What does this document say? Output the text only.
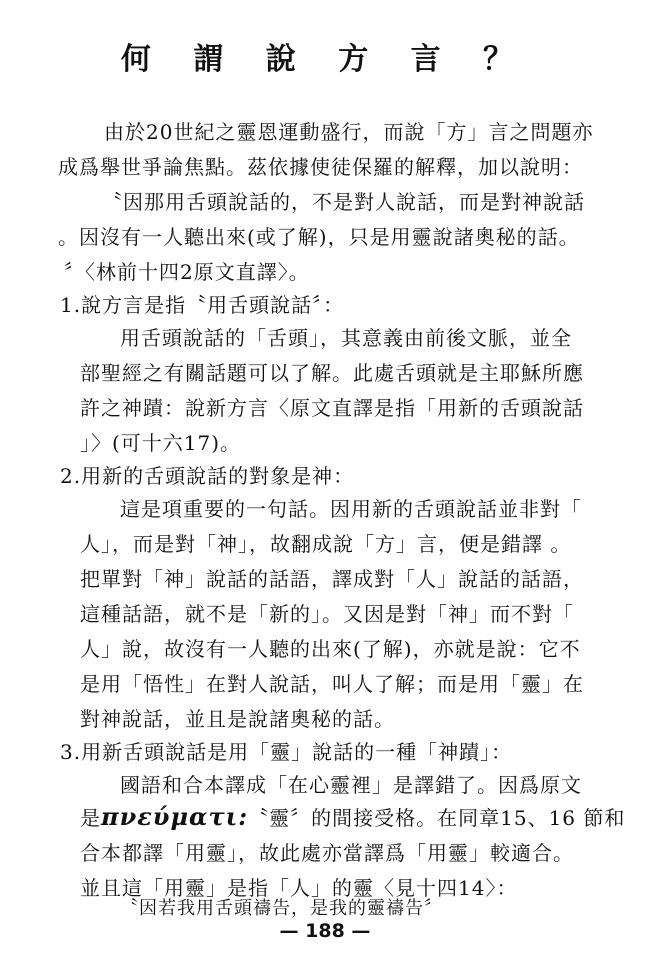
何 謂 說 方 言 ？
由於20世紀之靈恩運動盛行，而說「方」言之問題亦
成爲舉世爭論焦點。茲依據使徒保羅的解釋，加以說明：
〝因那用舌頭說話的，不是對人說話，而是對神說話
。因沒有一人聽出來(或了解)，只是用靈說諸奧秘的話。
〞〈林前十四2原文直譯〉。
1.說方言是指〝用舌頭說話〞：
用舌頭說話的「舌頭」，其意義由前後文脈，並全
部聖經之有關話題可以了解。此處舌頭就是主耶穌所應
許之神蹟：說新方言〈原文直譯是指「用新的舌頭說話
」〉(可十六17)。
2.用新的舌頭說話的對象是神：
這是項重要的一句話。因用新的舌頭說話並非對「
人」，而是對「神」，故翻成說「方」言，便是錯譯 。
把單對「神」說話的話語，譯成對「人」說話的話語，
這種話語，就不是「新的」。又因是對「神」而不對「
人」說，故沒有一人聽的出來(了解)，亦就是說：它不
是用「悟性」在對人說話，叫人了解；而是用「靈」在
對神說話，並且是說諸奧秘的話。
3.用新舌頭說話是用「靈」說話的一種「神蹟」：
國語和合本譯成「在心靈裡」是譯錯了。因爲原文
是πνεύματι:〝靈〞的間接受格。在同章15、16 節和
合本都譯「用靈」，故此處亦當譯爲「用靈」較適合。
並且這「用靈」是指「人」的靈〈見十四14〉：
〝因若我用舌頭禱告，是我的靈禱告〞
— 188 —
